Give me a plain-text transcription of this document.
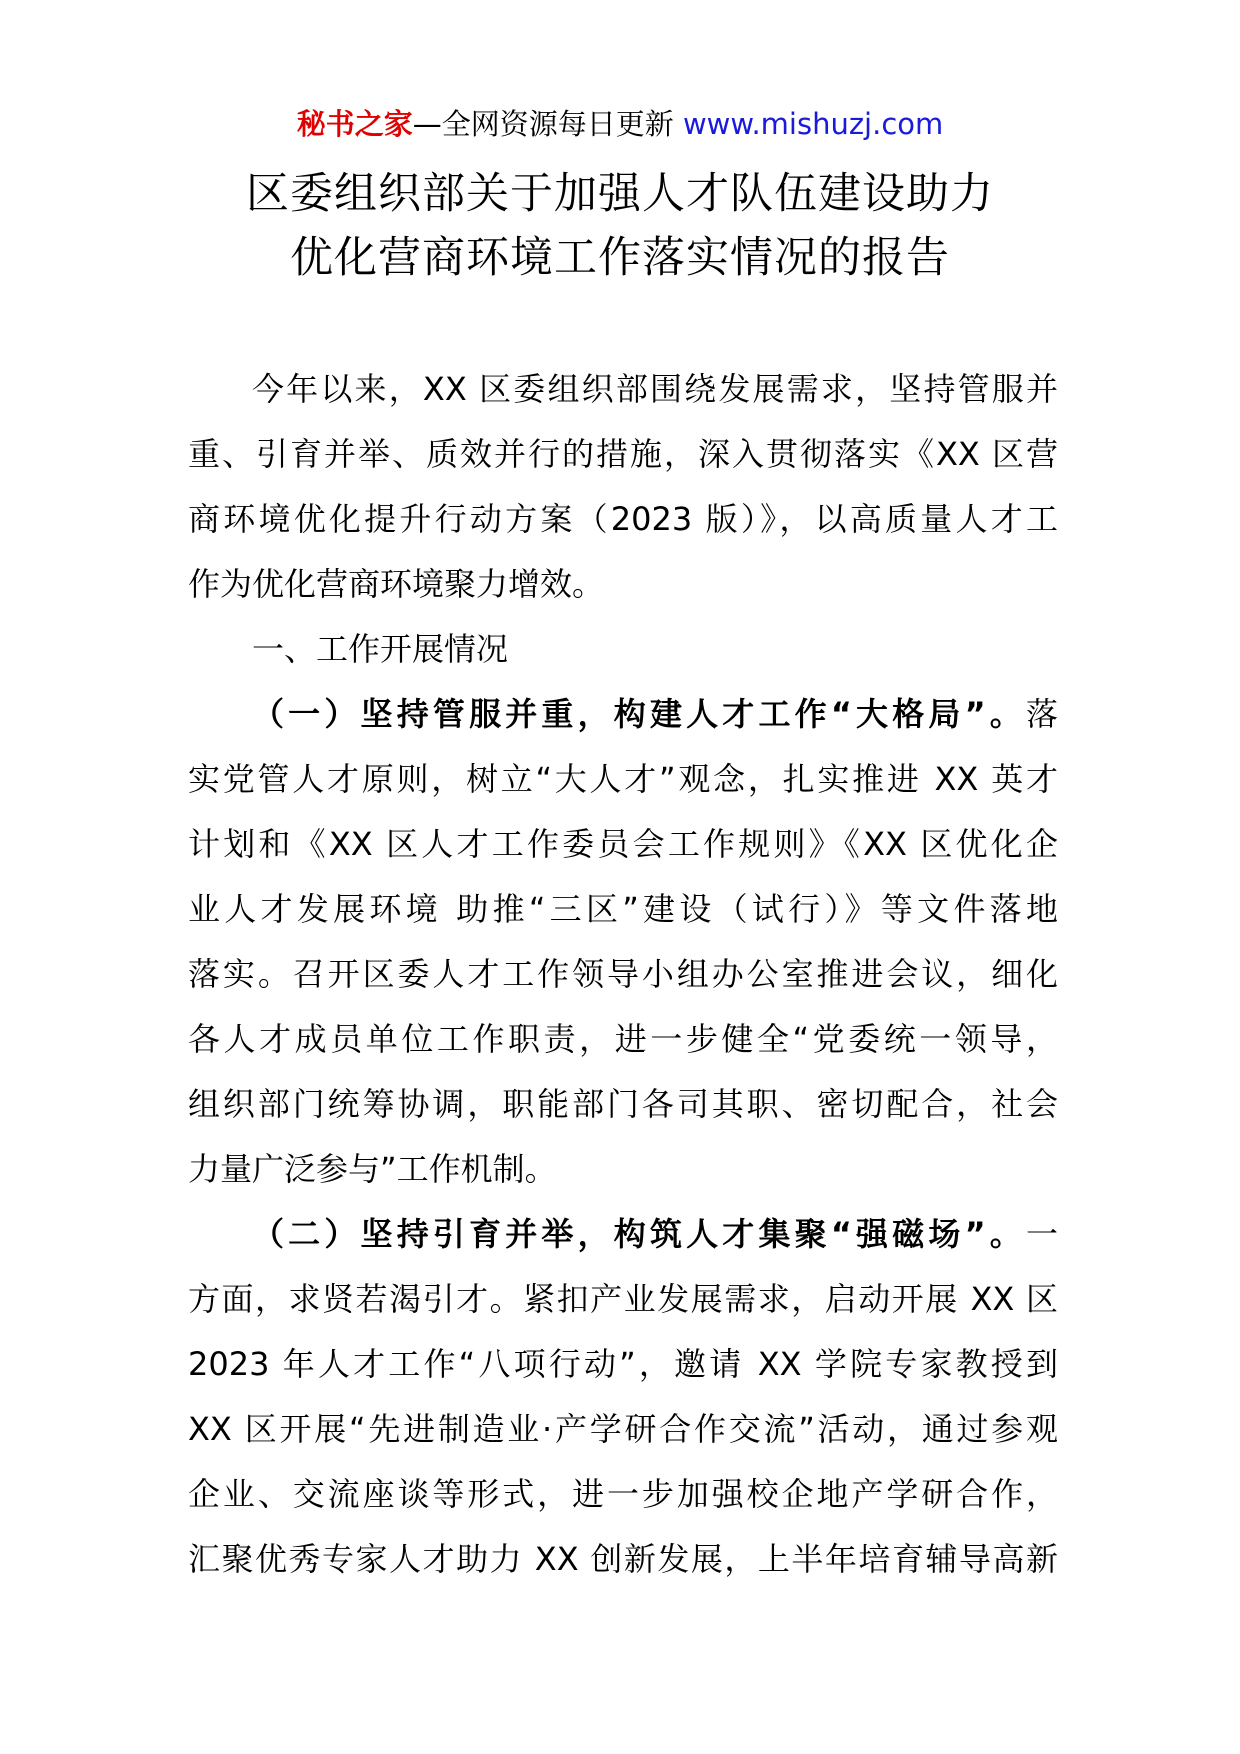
秘书之家—全网资源每日更新 www.mishuzj.com
区委组织部关于加强人才队伍建设助力
优化营商环境工作落实情况的报告
今年以来，XX 区委组织部围绕发展需求，坚持管服并
重、引育并举、质效并行的措施，深入贯彻落实《XX 区营
商环境优化提升行动方案（2023 版）》，以高质量人才工
作为优化营商环境聚力增效。
一、工作开展情况
（一）坚持管服并重，构建人才工作“大格局”。落
实党管人才原则，树立“大人才”观念，扎实推进 XX 英才
计划和《XX 区人才工作委员会工作规则》《XX 区优化企
业人才发展环境 助推“三区”建设（试行）》等文件落地
落实。召开区委人才工作领导小组办公室推进会议，细化
各人才成员单位工作职责，进一步健全“党委统一领导，
组织部门统筹协调，职能部门各司其职、密切配合，社会
力量广泛参与”工作机制。
（二）坚持引育并举，构筑人才集聚“强磁场”。一
方面，求贤若渴引才。紧扣产业发展需求，启动开展 XX 区
2023 年人才工作“八项行动”，邀请 XX 学院专家教授到
XX 区开展“先进制造业·产学研合作交流”活动，通过参观
企业、交流座谈等形式，进一步加强校企地产学研合作，
汇聚优秀专家人才助力 XX 创新发展，上半年培育辅导高新
